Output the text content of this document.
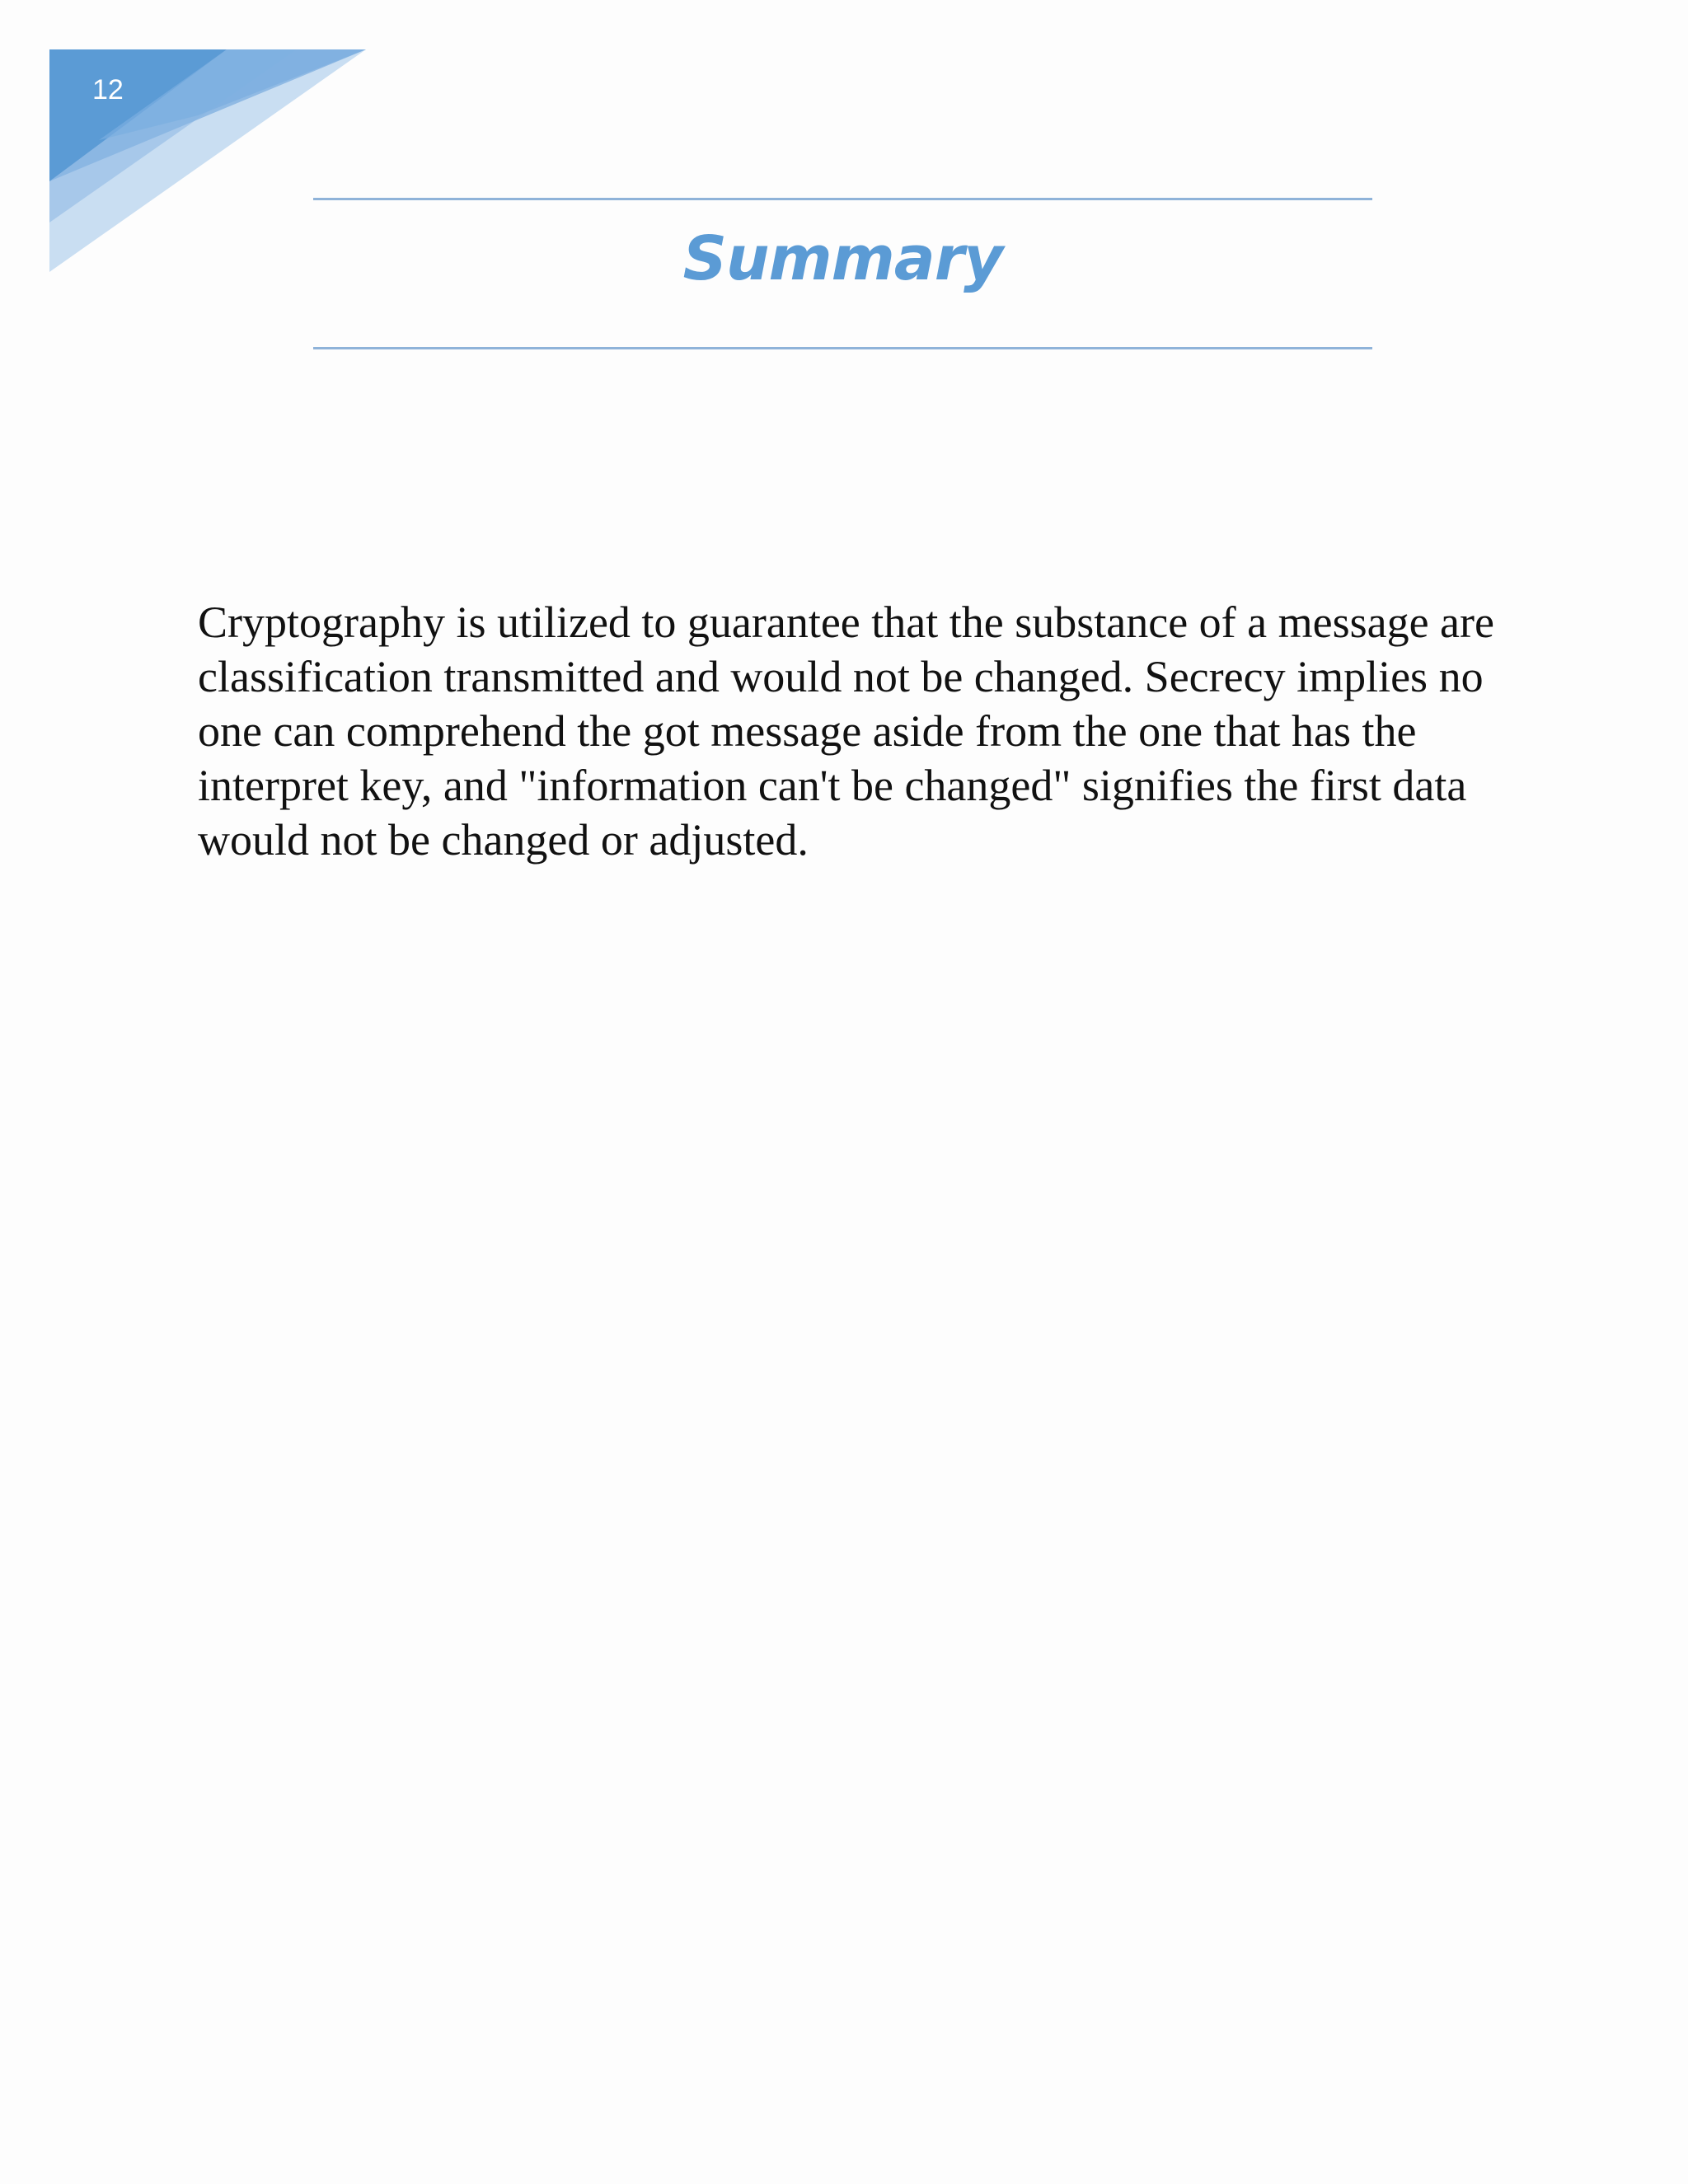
12
Summary

Cryptography is utilized to guarantee that the substance of a message are
classification transmitted and would not be changed. Secrecy implies no
one can comprehend the got message aside from the one that has the
interpret key, and "information can't be changed" signifies the first data
would not be changed or adjusted.
